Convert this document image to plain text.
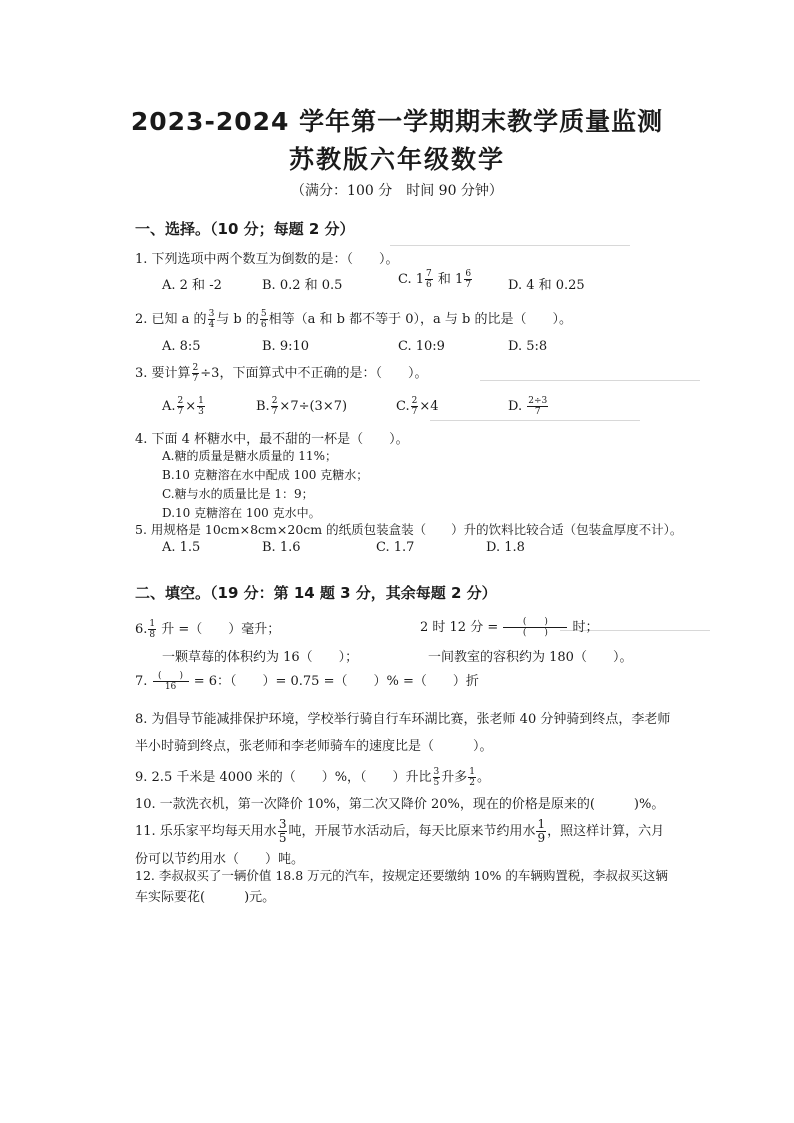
2023-2024 学年第一学期期末教学质量监测
苏教版六年级数学
（满分：100 分　时间 90 分钟）
一、选择。（10 分；每题 2 分）
1. 下列选项中两个数互为倒数的是：（　　）。
A. 2 和 -2	B. 0.2 和 0.5	C. $1 \frac{7}{6}$ 和 $1 \frac{6}{7}$	D. 4 和 0.25
2. 已知 a 的 $\frac{3}{4}$ 与 b 的 $\frac{5}{6}$ 相等（a 和 b 都不等于 0），a 与 b 的比是（　　）。
A. 8:5	B. 9:10	C. 10:9	D. 5:8
3. 要计算 $\frac{2}{7} \div 3$，下面算式中不正确的是：（　　）。
A. $\frac{2}{7} \times \frac{1}{3}$	B. $\frac{2}{7} \times 7\div(3\times 7)$	C. $\frac{2}{7} \times 4$	D. $\frac{2\div 3}{7}$
4. 下面 4 杯糖水中，最不甜的一杯是（　　）。
A.糖的质量是糖水质量的 11%；
B.10 克糖溶在水中配成 100 克糖水；
C.糖与水的质量比是 1：9；
D.10 克糖溶在 100 克水中。
5. 用规格是 10cm×8cm×20cm 的纸质包装盒装（　　）升的饮料比较合适（包装盒厚度不计）。
A. 1.5	B. 1.6	C. 1.7	D. 1.8
二、填空。（19 分：第 14 题 3 分，其余每题 2 分）
6. $\frac{1}{8}$ 升 =（　　）毫升；	2 时 12 分 = $\frac{( )}{( )}$ 时；
一颗草莓的体积约为 16（　　）；	一间教室的容积约为 180（　　）。
7. $\frac{( )}{16} = 6$：（　　）= 0.75 =（　　）% =（　　）折
8. 为倡导节能减排保护环境，学校举行骑自行车环湖比赛，张老师 40 分钟骑到终点，李老师
半小时骑到终点，张老师和李老师骑车的速度比是（　　　）。
9. 2.5 千米是 4000 米的（　　）%，（　　）升比 $\frac{3}{5}$ 升多 $\frac{1}{2}$ 。
10. 一款洗衣机，第一次降价 10%，第二次又降价 20%，现在的价格是原来的(　　　)%。
11. 乐乐家平均每天用水 $\frac{3}{5}$ 吨，开展节水活动后，每天比原来节约用水 $\frac{1}{9}$ ，照这样计算，六月
份可以节约用水（　　）吨。
12. 李叔叔买了一辆价值 18.8 万元的汽车，按规定还要缴纳 10% 的车辆购置税，李叔叔买这辆
车实际要花(　　　)元。
